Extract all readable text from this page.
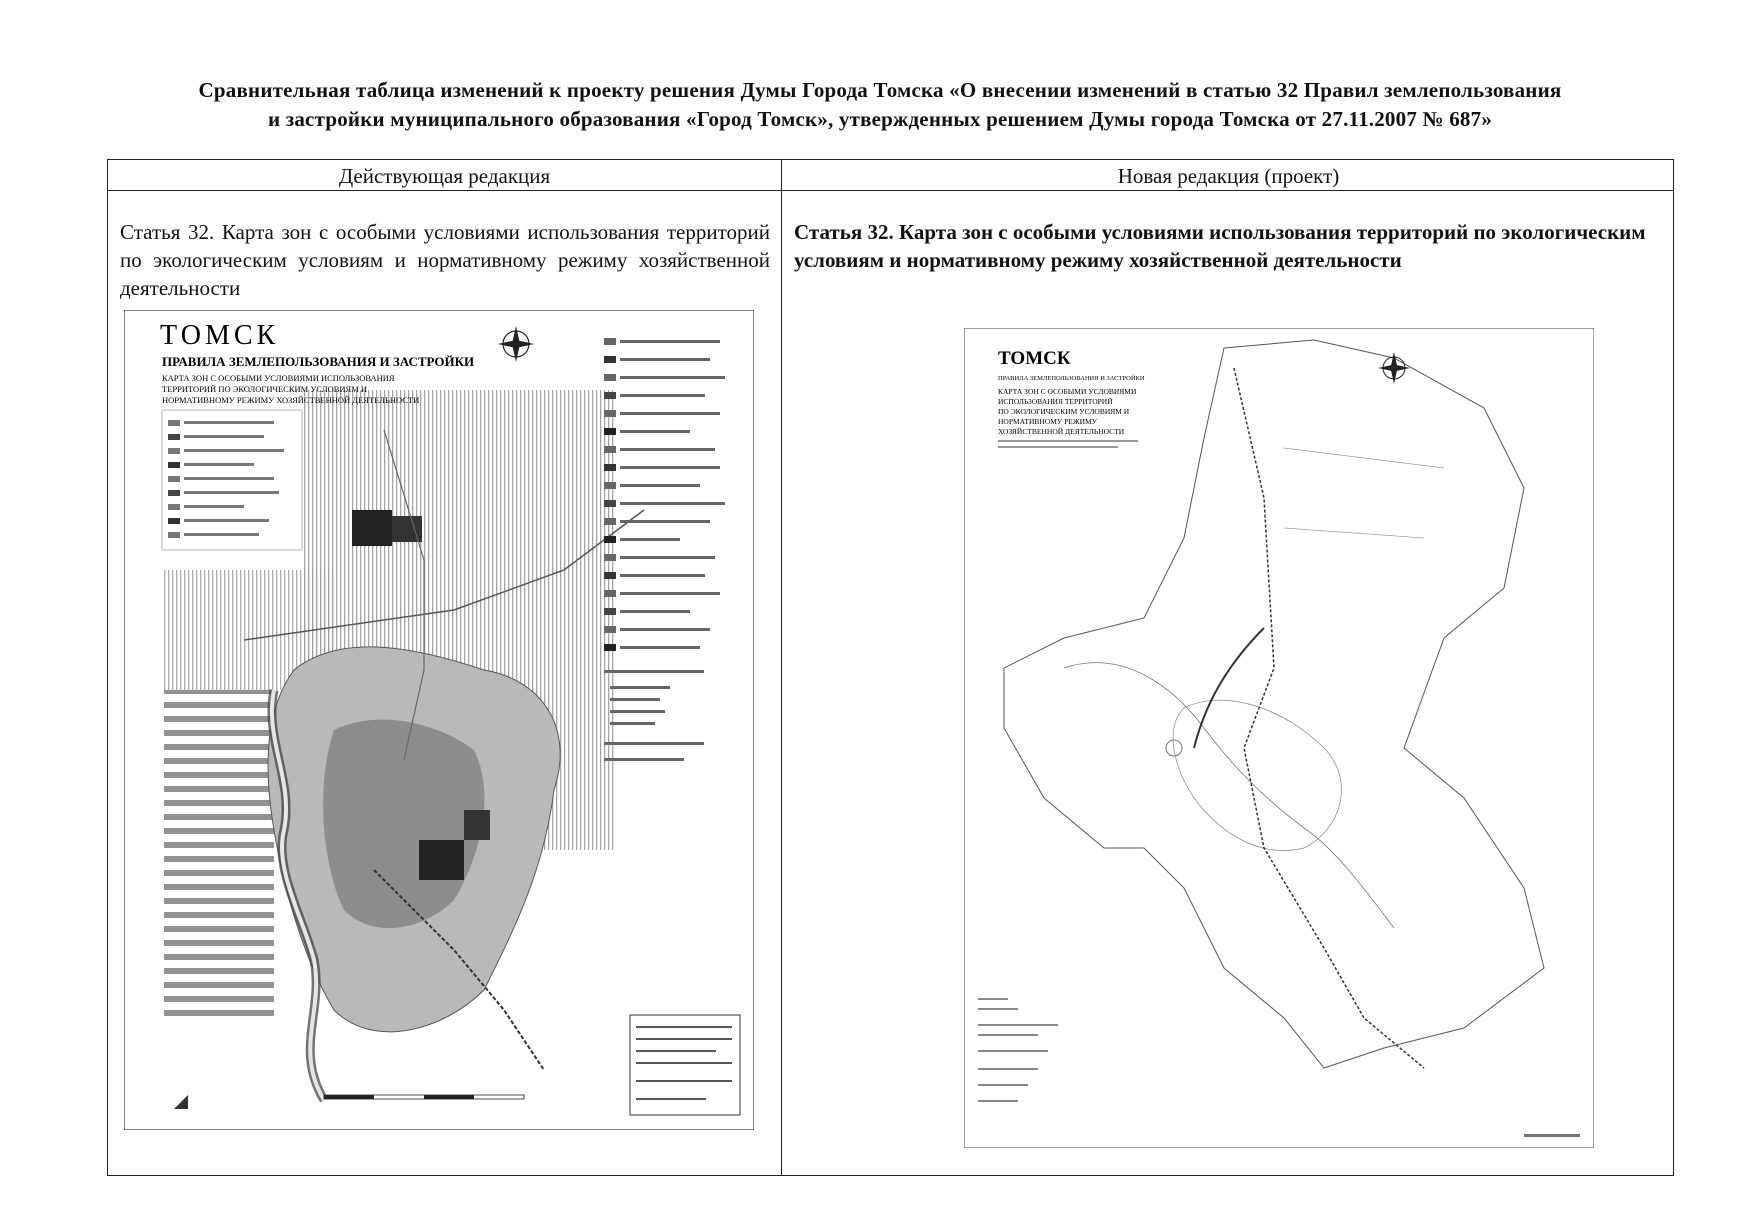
Сравнительная таблица изменений к проекту решения Думы Города Томска «О внесении изменений в статью 32 Правил землепользования
и застройки муниципального образования «Город Томск», утвержденных решением Думы города Томска от 27.11.2007 № 687»
Действующая редакция	Новая редакция (проект)
Статья 32. Карта зон с особыми условиями использования территорий по экологическим условиям и нормативному режиму хозяйственной деятельности
Статья 32. Карта зон с особыми условиями использования территорий по экологическим условиям и нормативному режиму хозяйственной деятельности
ТОМСК
ПРАВИЛА ЗЕМЛЕПОЛЬЗОВАНИЯ И ЗАСТРОЙКИ
КАРТА ЗОН С ОСОБЫМИ УСЛОВИЯМИ ИСПОЛЬЗОВАНИЯ
ТЕРРИТОРИЙ ПО ЭКОЛОГИЧЕСКИМ УСЛОВИЯМ И
НОРМАТИВНОМУ РЕЖИМУ ХОЗЯЙСТВЕННОЙ ДЕЯТЕЛЬНОСТИ
ТОМСК
ПРАВИЛА ЗЕМЛЕПОЛЬЗОВАНИЯ И ЗАСТРОЙКИ
КАРТА ЗОН С ОСОБЫМИ УСЛОВИЯМИ
ИСПОЛЬЗОВАНИЯ ТЕРРИТОРИЙ
ПО ЭКОЛОГИЧЕСКИМ УСЛОВИЯМ И
НОРМАТИВНОМУ РЕЖИМУ
ХОЗЯЙСТВЕННОЙ ДЕЯТЕЛЬНОСТИ
